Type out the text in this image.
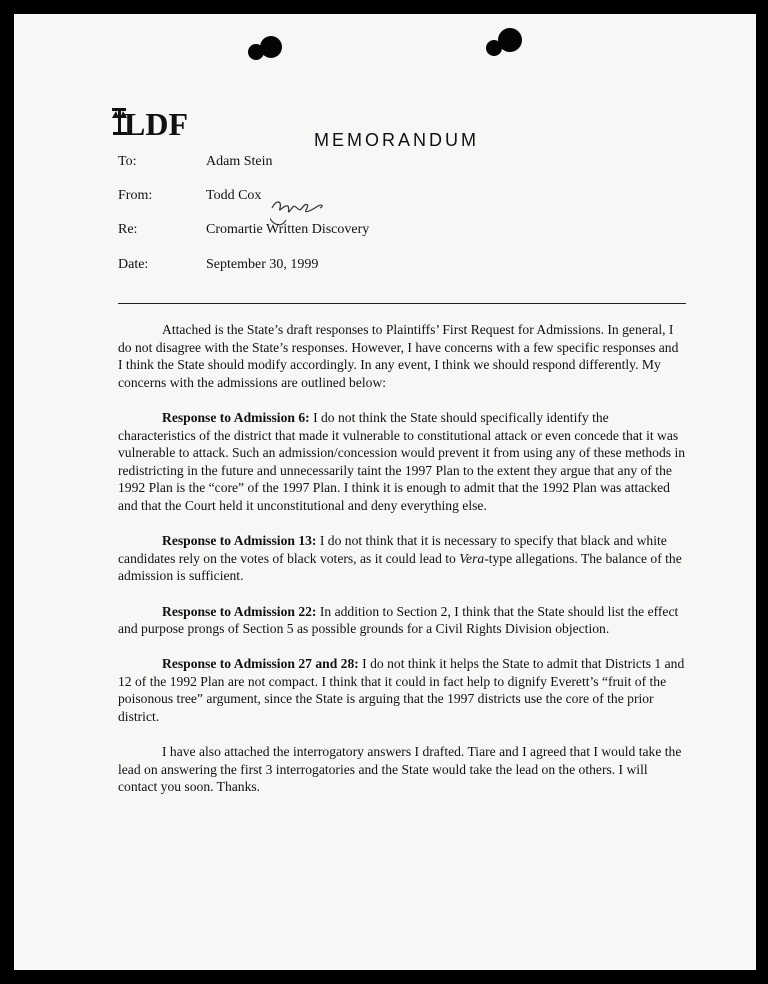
LDF	MEMORANDUM
To:	Adam Stein
From:	Todd Cox
Re:	Cromartie Written Discovery
Date:	September 30, 1999

Attached is the State’s draft responses to Plaintiffs’ First Request for Admissions. In general, I do not disagree with the State’s responses. However, I have concerns with a few specific responses and I think the State should modify accordingly. In any event, I think we should respond differently. My concerns with the admissions are outlined below:

Response to Admission 6: I do not think the State should specifically identify the characteristics of the district that made it vulnerable to constitutional attack or even concede that it was vulnerable to attack. Such an admission/concession would prevent it from using any of these methods in redistricting in the future and unnecessarily taint the 1997 Plan to the extent they argue that any of the 1992 Plan is the “core” of the 1997 Plan. I think it is enough to admit that the 1992 Plan was attacked and that the Court held it unconstitutional and deny everything else.

Response to Admission 13: I do not think that it is necessary to specify that black and white candidates rely on the votes of black voters, as it could lead to Vera-type allegations. The balance of the admission is sufficient.

Response to Admission 22: In addition to Section 2, I think that the State should list the effect and purpose prongs of Section 5 as possible grounds for a Civil Rights Division objection.

Response to Admission 27 and 28: I do not think it helps the State to admit that Districts 1 and 12 of the 1992 Plan are not compact. I think that it could in fact help to dignify Everett’s “fruit of the poisonous tree” argument, since the State is arguing that the 1997 districts use the core of the prior district.

I have also attached the interrogatory answers I drafted. Tiare and I agreed that I would take the lead on answering the first 3 interrogatories and the State would take the lead on the others. I will contact you soon. Thanks.
